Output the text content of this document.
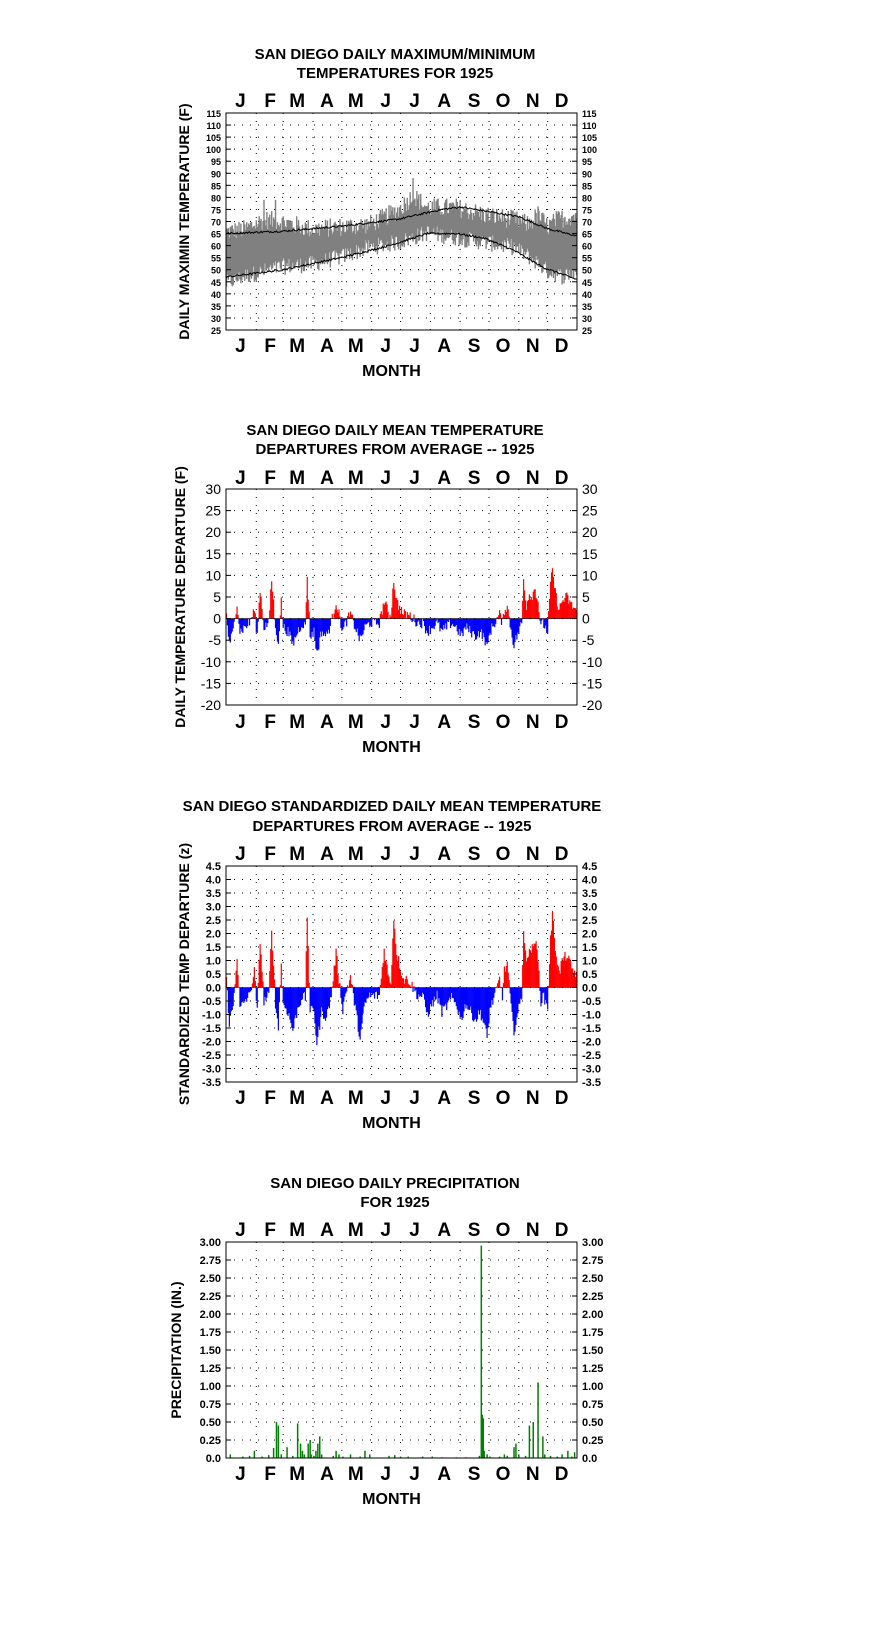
SAN DIEGO DAILY MAXIMUM/MINIMUM
TEMPERATURES FOR 1925
J
J
F
F
M
M
A
A
M
M
J
J
J
J
A
A
S
S
O
O
N
N
D
D
25	25
30	30
35	35
40	40
45	45
50	50
55	55
60	60
65	65
70	70
75	75
80	80
85	85
90	90
95	95
100	100
105	105
110	110
115	115
DAILY MAXIMIN TEMPERATURE (F)
MONTH
SAN DIEGO DAILY MEAN TEMPERATURE
DEPARTURES FROM AVERAGE -- 1925
J
J
F
F
M
M
A
A
M
M
J
J
J
J
A
A
S
S
O
O
N
N
D
D
-20	-20
-15	-15
-10	-10
-5	-5
0	0
5	5
10	10
15	15
20	20
25	25
30	30
DAILY TEMPERATURE DEPARTURE (F)
MONTH
SAN DIEGO STANDARDIZED DAILY MEAN TEMPERATURE
DEPARTURES FROM AVERAGE -- 1925
J
J
F
F
M
M
A
A
M
M
J
J
J
J
A
A
S
S
O
O
N
N
D
D
-3.5	-3.5
-3.0	-3.0
-2.5	-2.5
-2.0	-2.0
-1.5	-1.5
-1.0	-1.0
-0.5	-0.5
0.0	0.0
0.5	0.5
1.0	1.0
1.5	1.5
2.0	2.0
2.5	2.5
3.0	3.0
3.5	3.5
4.0	4.0
4.5	4.5
STANDARDIZED TEMP DEPARTURE (z)
MONTH
SAN DIEGO DAILY PRECIPITATION
FOR 1925
J
J
F
F
M
M
A
A
M
M
J
J
J
J
A
A
S
S
O
O
N
N
D
D
0.0	0.0
0.25	0.25
0.50	0.50
0.75	0.75
1.00	1.00
1.25	1.25
1.50	1.50
1.75	1.75
2.00	2.00
2.25	2.25
2.50	2.50
2.75	2.75
3.00	3.00
PRECIPITATION (IN.)
MONTH
